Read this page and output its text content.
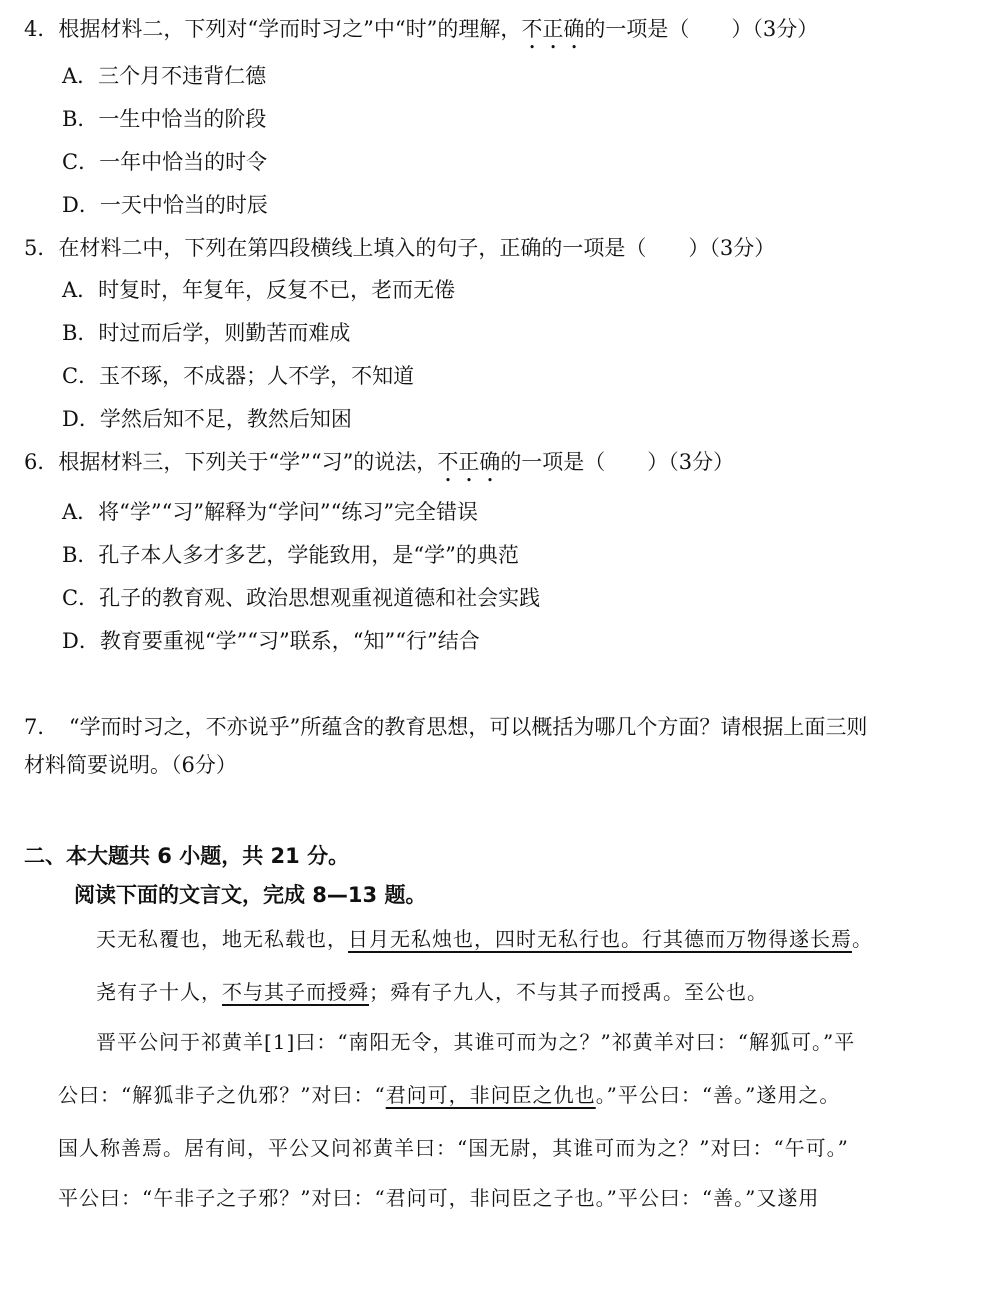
4．根据材料二，下列对“学而时习之”中“时”的理解，不正确的一项是（　　）（3分）
A．三个月不违背仁德
B．一生中恰当的阶段
C．一年中恰当的时令
D．一天中恰当的时辰
5．在材料二中，下列在第四段横线上填入的句子，正确的一项是（　　）（3分）
A．时复时，年复年，反复不已，老而无倦
B．时过而后学，则勤苦而难成
C．玉不琢，不成器；人不学，不知道
D．学然后知不足，教然后知困
6．根据材料三，下列关于“学”“习”的说法，不正确的一项是（　　）（3分）
A．将“学”“习”解释为“学问”“练习”完全错误
B．孔子本人多才多艺，学能致用，是“学”的典范
C．孔子的教育观、政治思想观重视道德和社会实践
D．教育要重视“学”“习”联系，“知”“行”结合
7．　“学而时习之，不亦说乎”所蕴含的教育思想，可以概括为哪几个方面？请根据上面三则
材料简要说明。（6分）
二、本大题共 6 小题，共 21 分。
阅读下面的文言文，完成 8—13 题。
天无私覆也，地无私载也，日月无私烛也，四时无私行也。行其德而万物得遂长焉。
尧有子十人，不与其子而授舜；舜有子九人，不与其子而授禹。至公也。
晋平公问于祁黄羊[1]曰：“南阳无令，其谁可而为之？”祁黄羊对曰：“解狐可。”平
公曰：“解狐非子之仇邪？”对曰：“君问可，非问臣之仇也。”平公曰：“善。”遂用之。
国人称善焉。居有间，平公又问祁黄羊曰：“国无尉，其谁可而为之？”对曰：“午可。”
平公曰：“午非子之子邪？”对曰：“君问可，非问臣之子也。”平公曰：“善。”又遂用
